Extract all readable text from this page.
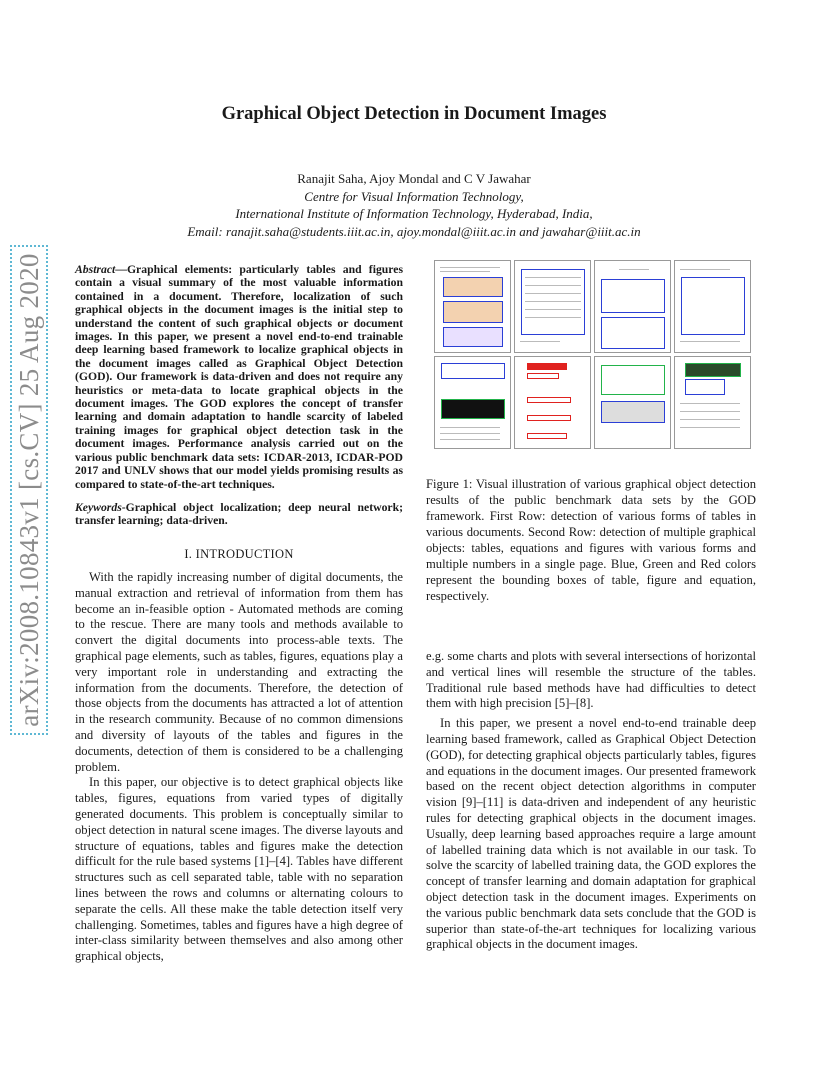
Graphical Object Detection in Document Images
Ranajit Saha, Ajoy Mondal and C V Jawahar
Centre for Visual Information Technology,
International Institute of Information Technology, Hyderabad, India,
Email: ranajit.saha@students.iiit.ac.in, ajoy.mondal@iiit.ac.in and jawahar@iiit.ac.in
arXiv:2008.10843v1 [cs.CV] 25 Aug 2020	Abstract—Graphical elements: particularly tables and figures contain a visual summary of the most valuable information contained in a document. Therefore, localization of such graphical objects in the document images is the initial step to understand the content of such graphical objects or document images. In this paper, we present a novel end-to-end trainable deep learning based framework to localize graphical objects in the document images called as Graphical Object Detection (GOD). Our framework is data-driven and does not require any heuristics or meta-data to locate graphical objects in the document images. The GOD explores the concept of transfer learning and domain adaptation to handle scarcity of labeled training images for graphical object detection task in the document images. Performance analysis carried out on the various public benchmark data sets: ICDAR-2013, ICDAR-POD 2017 and UNLV shows that our model yields promising results as compared to state-of-the-art techniques.
Keywords-Graphical object localization; deep neural network; transfer learning; data-driven.
I. INTRODUCTION

With the rapidly increasing number of digital documents, the manual extraction and retrieval of information from them has become an in-feasible option - Automated methods are coming to the rescue. There are many tools and methods available to convert the digital documents into process-able texts. The graphical page elements, such as tables, figures, equations play a very important role in understanding and extracting the information from the documents. Therefore, the detection of those objects from the documents has attracted a lot of attention in the research community. Because of no common dimensions and diversity of layouts of the tables and figures in the documents, detection of them is considered to be a challenging problem.

In this paper, our objective is to detect graphical objects like tables, figures, equations from varied types of digitally generated documents. This problem is conceptually similar to object detection in natural scene images. The diverse layouts and structure of equations, tables and figures make the detection difficult for the rule based systems [1]–[4]. Tables have different structures such as cell separated table, table with no separation lines between the rows and columns or alternating colours to separate the cells. All these make the table detection itself very challenging. Sometimes, tables and figures have a high degree of inter-class similarity between themselves and also among other graphical objects,

Figure 1: Visual illustration of various graphical object detection results of the public benchmark data sets by the GOD framework. First Row: detection of various forms of tables in various documents. Second Row: detection of multiple graphical objects: tables, equations and figures with various forms and multiple numbers in a single page. Blue, Green and Red colors represent the bounding boxes of table, figure and equation, respectively.

e.g. some charts and plots with several intersections of horizontal and vertical lines will resemble the structure of the tables. Traditional rule based methods have had difficulties to detect them with high precision [5]–[8].

In this paper, we present a novel end-to-end trainable deep learning based framework, called as Graphical Object Detection (GOD), for detecting graphical objects particularly tables, figures and equations in the document images. Our presented framework based on the recent object detection algorithms in computer vision [9]–[11] is data-driven and independent of any heuristic rules for detecting graphical objects in the document images. Usually, deep learning based approaches require a large amount of labelled training data which is not available in our task. To solve the scarcity of labelled training data, the GOD explores the concept of transfer learning and domain adaptation for graphical object detection task in the document images. Experiments on the various public benchmark data sets conclude that the GOD is superior than state-of-the-art techniques for localizing various graphical objects in the document images.
